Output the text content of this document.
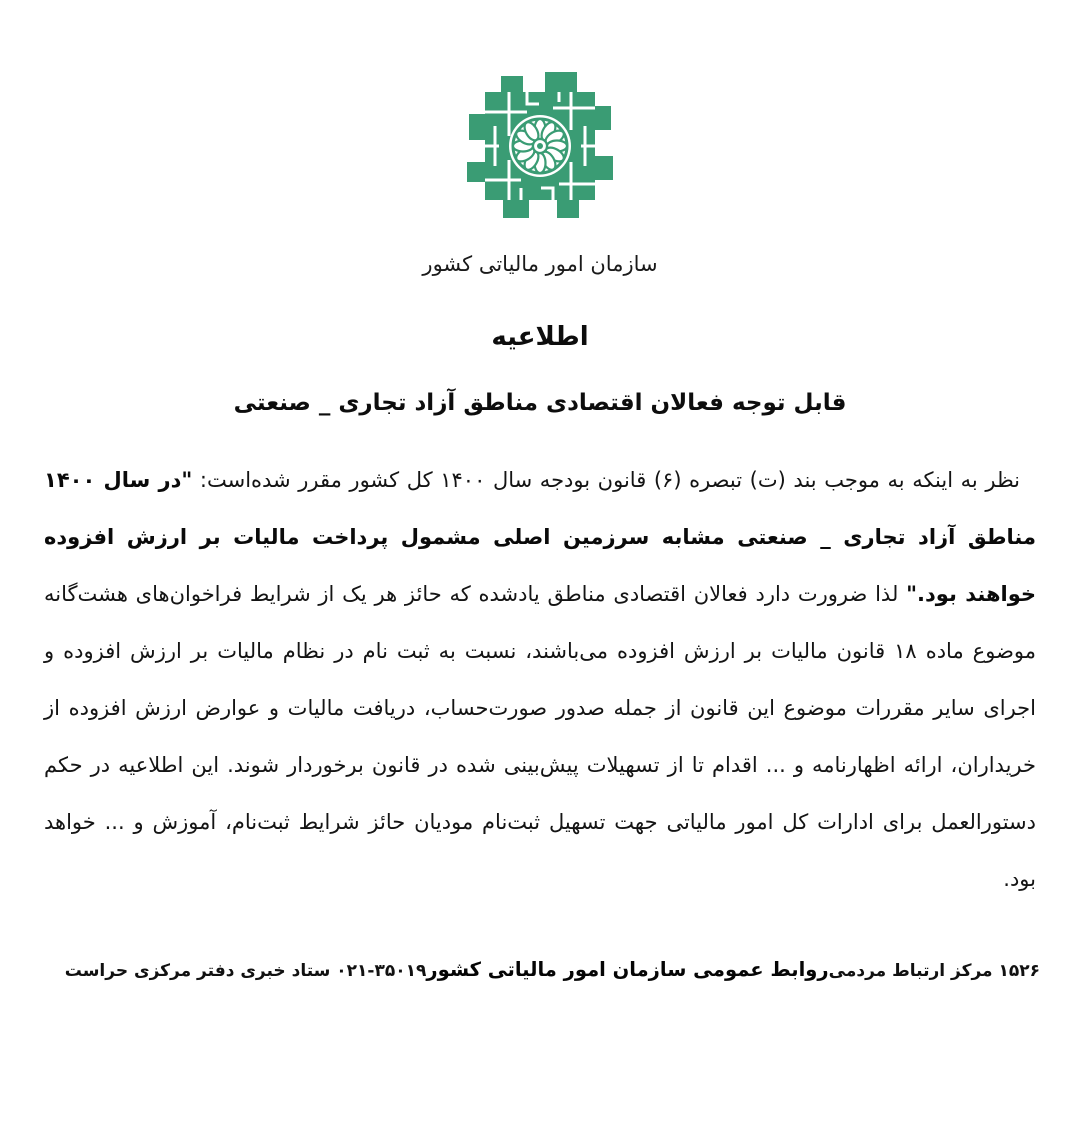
سازمان امور مالیاتی کشور
اطلاعیه
قابل توجه فعالان اقتصادی مناطق آزاد تجاری _ صنعتی

نظر به اینکه به موجب بند (ت) تبصره (۶) قانون بودجه سال ۱۴۰۰ کل کشور مقرر شده‌است: "در سال ۱۴۰۰ مناطق آزاد تجاری _ صنعتی مشابه سرزمین اصلی مشمول پرداخت مالیات بر ارزش افزوده خواهند بود." لذا ضرورت دارد فعالان اقتصادی مناطق یادشده که حائز هر یک از شرایط فراخوان‌های هشت‌گانه موضوع ماده ۱۸ قانون مالیات بر ارزش افزوده می‌باشند، نسبت به ثبت نام در نظام مالیات بر ارزش افزوده و اجرای سایر مقررات موضوع این قانون از جمله صدور صورت‌حساب، دریافت مالیات و عوارض ارزش افزوده از خریداران، ارائه اظهارنامه و ... اقدام تا از تسهیلات پیش‌بینی شده در قانون برخوردار شوند. این اطلاعیه در حکم دستورالعمل برای ادارات کل امور مالیاتی جهت تسهیل ثبت‌نام مودیان حائز شرایط ثبت‌نام، آموزش و ... خواهد بود.

۱۵۲۶ مرکز ارتباط مردمی
روابط عمومی سازمان امور مالیاتی کشور
۰۲۱-۳۵۰۱۹ ستاد خبری دفتر مرکزی حراست
